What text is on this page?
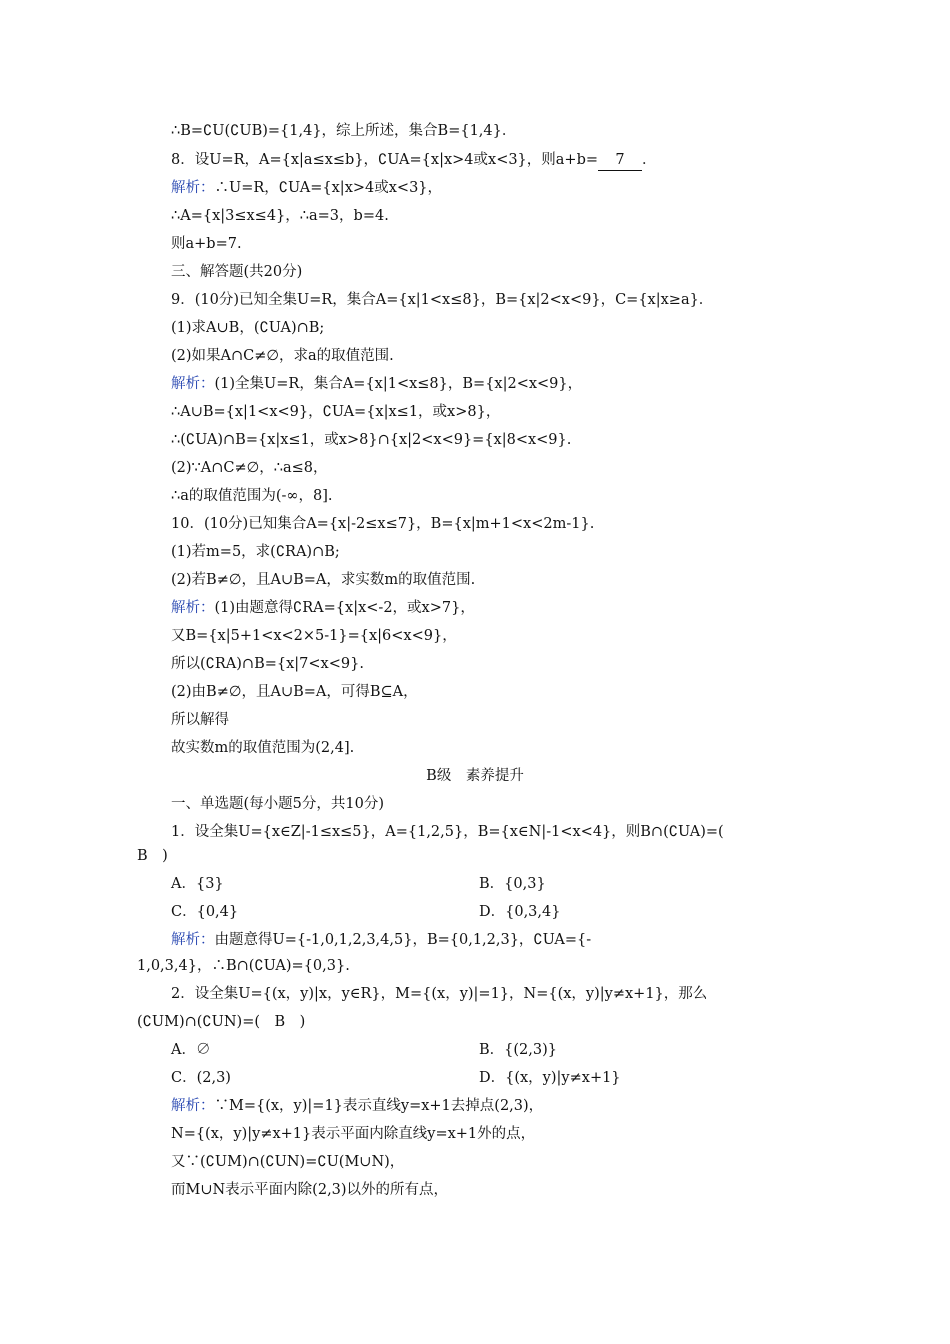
∴B=∁U(∁UB)={1,4}，综上所述，集合B={1,4}．
8．设U=R，A={x|a≤x≤b}，∁UA={x|x>4或x<3}，则a+b= 7 ．
解析：∴U=R，∁UA={x|x>4或x<3}，
∴A={x|3≤x≤4}，∴a=3，b=4.
则a+b=7.
三、解答题(共20分)
9．(10分)已知全集U=R，集合A={x|1<x≤8}，B={x|2<x<9}，C={x|x≥a}．
(1)求A∪B，(∁UA)∩B;
(2)如果A∩C≠∅，求a的取值范围.
解析：(1)全集U=R，集合A={x|1<x≤8}，B={x|2<x<9}，
∴A∪B={x|1<x<9}，∁UA={x|x≤1，或x>8}，
∴(∁UA)∩B={x|x≤1，或x>8}∩{x|2<x<9}={x|8<x<9}.
(2)∵A∩C≠∅，∴a≤8，
∴a的取值范围为(-∞，8].
10．(10分)已知集合A={x|-2≤x≤7}，B={x|m+1<x<2m-1}.
(1)若m=5，求(∁RA)∩B;
(2)若B≠∅，且A∪B=A，求实数m的取值范围.
解析：(1)由题意得∁RA={x|x<-2，或x>7}，
又B={x|5+1<x<2×5-1}={x|6<x<9}，
所以(∁RA)∩B={x|7<x<9}.
(2)由B≠∅，且A∪B=A，可得B⊆A，
所以解得
故实数m的取值范围为(2,4].
B级　素养提升
一、单选题(每小题5分，共10分)
1．设全集U={x∈Z|-1≤x≤5}，A={1,2,5}，B={x∈N|-1<x<4}，则B∩(∁UA)=(
B　)
A．{3}	B．{0,3}
C．{0,4}	D．{0,3,4}
解析：由题意得U={-1,0,1,2,3,4,5}，B={0,1,2,3}，∁UA={-
1,0,3,4}，∴B∩(∁UA)={0,3}.
2．设全集U={(x，y)|x，y∈R}，M={(x，y)|=1}，N={(x，y)|y≠x+1}，那么
(∁UM)∩(∁UN)=(　B　)
A．∅	B．{(2,3)}
C．(2,3)	D．{(x，y)|y≠x+1}
解析：∵M={(x，y)|=1}表示直线y=x+1去掉点(2,3)，
N={(x，y)|y≠x+1}表示平面内除直线y=x+1外的点，
又∵(∁UM)∩(∁UN)=∁U(M∪N)，
而M∪N表示平面内除(2,3)以外的所有点，
